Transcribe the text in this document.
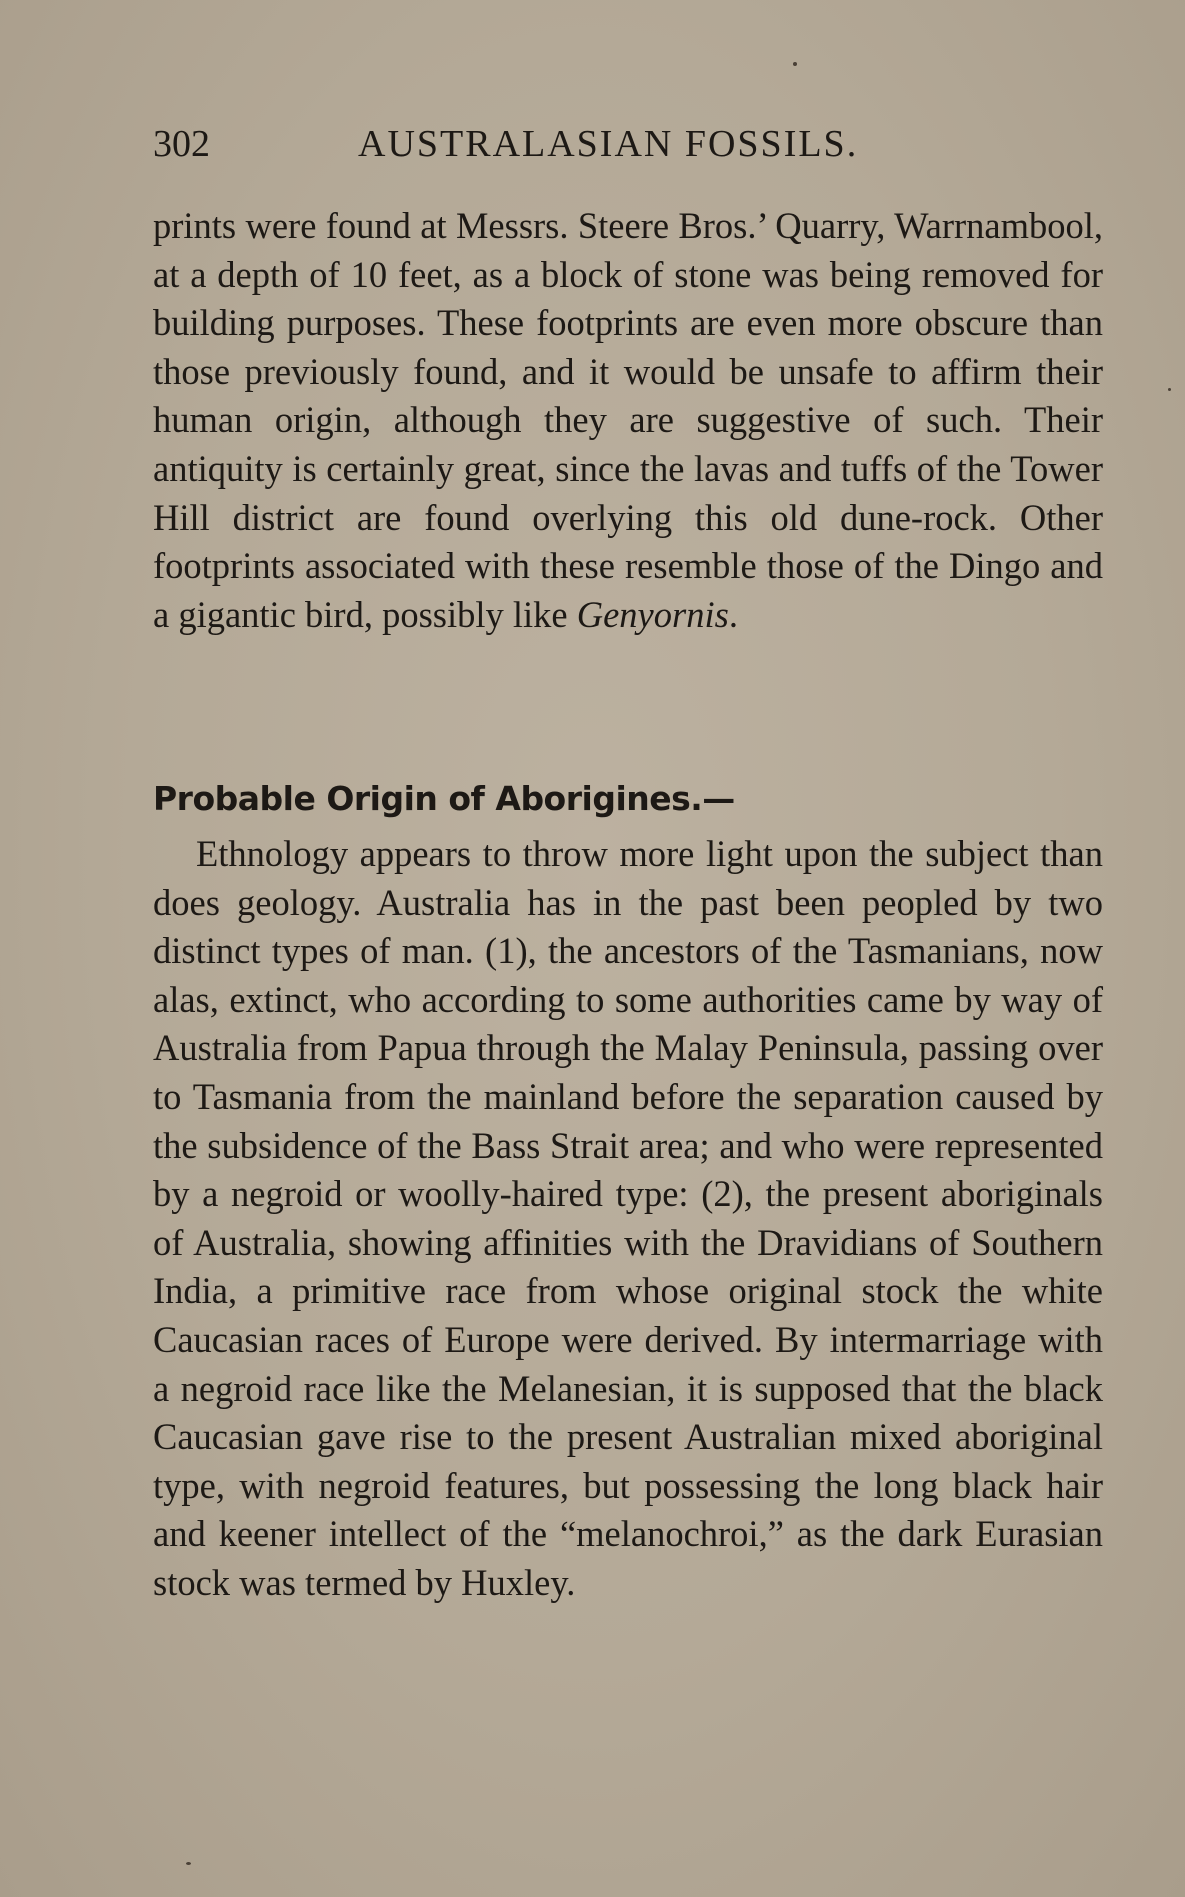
302	AUSTRALASIAN FOSSILS.

prints were found at Messrs. Steere Bros.’ Quarry, Warrnambool, at a depth of 10 feet, as a block of stone was being removed for building purposes. These footprints are even more obscure than those previously found, and it would be unsafe to affirm their human origin, although they are suggestive of such. Their antiquity is certainly great, since the lavas and tuffs of the Tower Hill district are found overlying this old dune-rock. Other footprints associated with these resemble those of the Dingo and a gigantic bird, possibly like Genyornis.

Probable Origin of Aborigines.—

Ethnology appears to throw more light upon the subject than does geology. Australia has in the past been peopled by two distinct types of man. (1), the ancestors of the Tasmanians, now alas, extinct, who according to some authorities came by way of Australia from Papua through the Malay Peninsula, passing over to Tasmania from the mainland before the separation caused by the subsidence of the Bass Strait area; and who were represented by a negroid or woolly-haired type: (2), the present aboriginals of Australia, showing affinities with the Dravidians of Southern India, a primitive race from whose original stock the white Caucasian races of Europe were derived. By intermarriage with a negroid race like the Melanesian, it is supposed that the black Caucasian gave rise to the present Australian mixed aboriginal type, with negroid features, but possessing the long black hair and keener intellect of the “melanochroi,” as the dark Eurasian stock was termed by Huxley.
